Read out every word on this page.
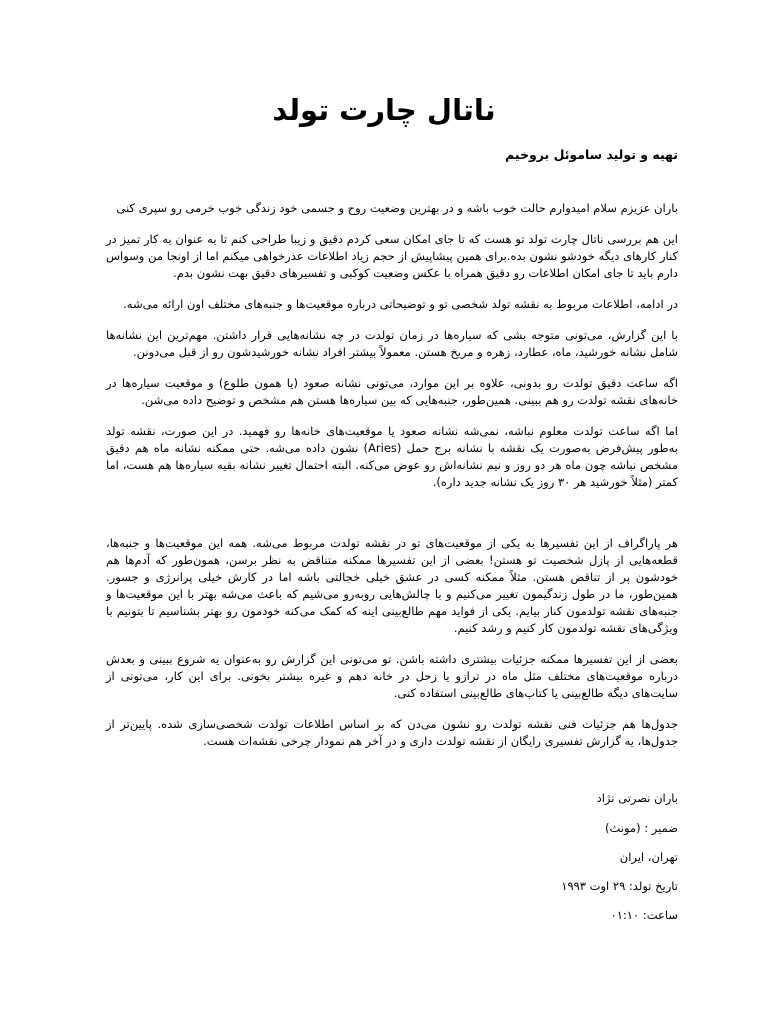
ناتال چارت تولد

تهیه و تولید ساموئل بروخیم

باران عزیزم سلام امیدوارم حالت خوب باشه و در بهترین وضعیت روح و جسمی خود زندگی خوب خرمی رو سپری کنی

این هم بررسی ناتال چارت تولد تو هست که تا جای امکان سعی کردم دقیق و زیبا طراحی کنم تا به عنوان یه کار تمیز در کنار کارهای دیگه خودشو نشون بده.برای همین پیشاپیش از حجم زیاد اطلاعات عذرخواهی میکنم اما از اونجا من وسواس دارم باید تا جای امکان اطلاعات رو دقیق همراه با عکس وضعیت کوکبی و تفسیرهای دقیق بهت نشون بدم.

در ادامه، اطلاعات مربوط به نقشه تولد شخصی تو و توضیحاتی درباره موقعیت‌ها و جنبه‌های مختلف اون ارائه می‌شه.

با این گزارش، می‌تونی متوجه بشی که سیاره‌ها در زمان تولدت در چه نشانه‌هایی قرار داشتن. مهم‌ترین این نشانه‌ها شامل نشانه خورشید، ماه، عطارد، زهره و مریخ هستن. معمولاً بیشتر افراد نشانه خورشیدشون رو از قبل می‌دونن.

اگه ساعت دقیق تولدت رو بدونی، علاوه بر این موارد، می‌تونی نشانه صعود (یا همون طلوع) و موقعیت سیاره‌ها در خانه‌های نقشه تولدت رو هم ببینی. همین‌طور، جنبه‌هایی که بین سیاره‌ها هستن هم مشخص و توضیح داده می‌شن.

اما اگه ساعت تولدت معلوم نباشه، نمی‌شه نشانه صعود یا موقعیت‌های خانه‌ها رو فهمید. در این صورت، نقشه تولد به‌طور پیش‌فرض به‌صورت یک نقشه با نشانه برج حمل (Aries) نشون داده می‌شه. حتی ممکنه نشانه ماه هم دقیق مشخص نباشه چون ماه هر دو روز و نیم نشانه‌اش رو عوض می‌کنه. البته احتمال تغییر نشانه بقیه سیاره‌ها هم هست، اما کمتر (مثلاً خورشید هر ۳۰ روز یک نشانه جدید داره).

هر پاراگراف از این تفسیرها به یکی از موقعیت‌های تو در نقشه تولدت مربوط می‌شه. همه این موقعیت‌ها و جنبه‌ها، قطعه‌هایی از پازل شخصیت تو هستن! بعضی از این تفسیرها ممکنه متناقض به نظر برسن، همون‌طور که آدم‌ها هم خودشون پر از تناقض هستن. مثلاً ممکنه کسی در عشق خیلی خجالتی باشه اما در کارش خیلی پرانرژی و جسور. همین‌طور، ما در طول زندگیمون تغییر می‌کنیم و با چالش‌هایی روبه‌رو می‌شیم که باعث می‌شه بهتر با این موقعیت‌ها و جنبه‌های نقشه تولدمون کنار بیایم. یکی از فواید مهم طالع‌بینی اینه که کمک می‌کنه خودمون رو بهتر بشناسیم تا بتونیم با ویژگی‌های نقشه تولدمون کار کنیم و رشد کنیم.

بعضی از این تفسیرها ممکنه جزئیات بیشتری داشته باشن. تو می‌تونی این گزارش رو به‌عنوان یه شروع ببینی و بعدش درباره موقعیت‌های مختلف مثل ماه در ترازو یا زحل در خانه دهم و غیره بیشتر بخونی. برای این کار، می‌تونی از سایت‌های دیگه طالع‌بینی یا کتاب‌های طالع‌بینی استفاده کنی.

جدول‌ها هم جزئیات فنی نقشه تولدت رو نشون می‌دن که بر اساس اطلاعات تولدت شخصی‌سازی شده. پایین‌تر از جدول‌ها، یه گزارش تفسیری رایگان از نقشه تولدت داری و در آخر هم نمودار چرخی نقشه‌ات هست.

باران نصرتی نژاد

ضمیر : (مونث)

تهران، ایران

تاریخ تولد: ۲۹ اوت ۱۹۹۳

ساعت: ۰۱:۱۰
